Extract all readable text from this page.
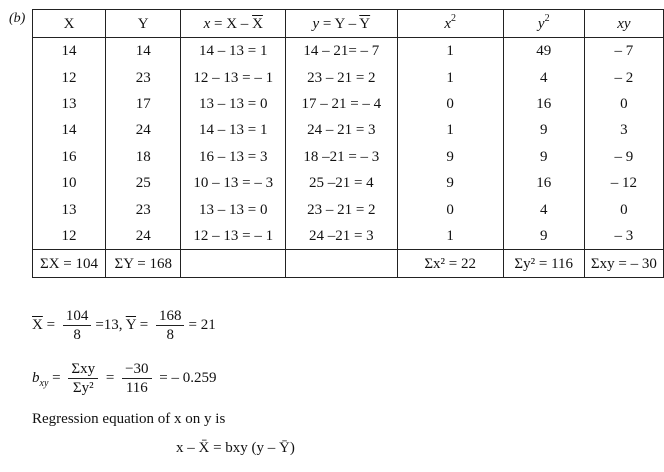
(b)	X	Y	$x = X - \overline{X}$	$y = Y - \overline{Y}$	$x^2$	$y^2$	xy
14	14	14 – 13 = 1	14 – 21= – 7	1	49	– 7
12	23	12 – 13 = – 1	23 – 21 = 2	1	4	– 2
13	17	13 – 13 = 0	17 – 21 = – 4	0	16	0
14	24	14 – 13 = 1	24 – 21 = 3	1	9	3
16	18	16 – 13 = 3	18 –21 = – 3	9	9	– 9
10	25	10 – 13 = – 3	25 –21 = 4	9	16	– 12
13	23	13 – 13 = 0	23 – 21 = 2	0	4	0
12	24	12 – 13 = – 1	24 –21 = 3	1	9	– 3
ΣX = 104	ΣY = 168			Σx² = 22	Σy² = 116	Σxy = – 30
$\overline{X} = \frac{104}{8} =13$, $\overline{Y} = \frac{168}{8} = 21$
$b_{xy} = \frac{\text{Σxy}}{\text{Σy²}} = \frac{-30}{116}$ = – 0.259
Regression equation of x on y is
x – X̄ = bxy (y – Ȳ)
